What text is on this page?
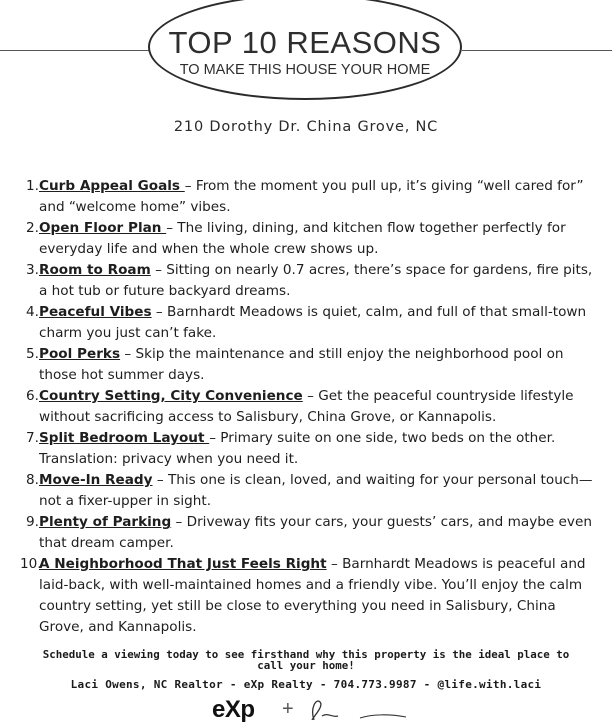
TOP 10 REASONS
TO MAKE THIS HOUSE YOUR HOME
210 Dorothy Dr. China Grove, NC
1. Curb Appeal Goals – From the moment you pull up, it’s giving “well cared for” and “welcome home” vibes.
2. Open Floor Plan – The living, dining, and kitchen flow together perfectly for everyday life and when the whole crew shows up.
3. Room to Roam – Sitting on nearly 0.7 acres, there’s space for gardens, fire pits, a hot tub or future backyard dreams.
4. Peaceful Vibes – Barnhardt Meadows is quiet, calm, and full of that small-town charm you just can’t fake.
5. Pool Perks – Skip the maintenance and still enjoy the neighborhood pool on those hot summer days.
6. Country Setting, City Convenience – Get the peaceful countryside lifestyle without sacrificing access to Salisbury, China Grove, or Kannapolis.
7. Split Bedroom Layout – Primary suite on one side, two beds on the other. Translation: privacy when you need it.
8. Move-In Ready – This one is clean, loved, and waiting for your personal touch—not a fixer-upper in sight.
9. Plenty of Parking – Driveway fits your cars, your guests’ cars, and maybe even that dream camper.
10.
A Neighborhood That Just Feels Right – Barnhardt Meadows is peaceful and laid-back, with well-maintained homes and a friendly vibe. You’ll enjoy the calm country setting, yet still be close to everything you need in Salisbury, China Grove, and Kannapolis.
Schedule a viewing today to see firsthand why this property is the ideal place to call your home!
Laci Owens, NC Realtor - eXp Realty - 704.773.9987 - @life.with.laci
eXp +
